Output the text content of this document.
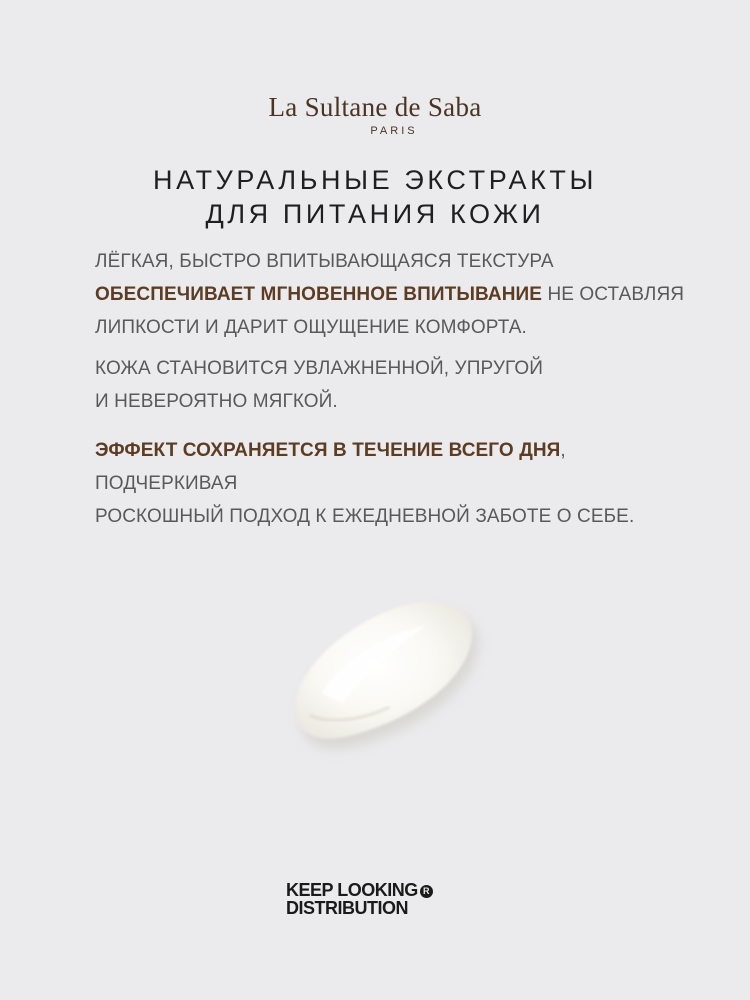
La Sultane de Saba
PARIS
НАТУРАЛЬНЫЕ ЭКСТРАКТЫ
ДЛЯ ПИТАНИЯ КОЖИ
ЛЁГКАЯ, БЫСТРО ВПИТЫВАЮЩАЯСЯ ТЕКСТУРА
ОБЕСПЕЧИВАЕТ МГНОВЕННОЕ ВПИТЫВАНИЕ НЕ ОСТАВЛЯЯ
ЛИПКОСТИ И ДАРИТ ОЩУЩЕНИЕ КОМФОРТА.
КОЖА СТАНОВИТСЯ УВЛАЖНЕННОЙ, УПРУГОЙ
И НЕВЕРОЯТНО МЯГКОЙ.
ЭФФЕКТ СОХРАНЯЕТСЯ В ТЕЧЕНИЕ ВСЕГО ДНЯ, ПОДЧЕРКИВАЯ
РОСКОШНЫЙ ПОДХОД К ЕЖЕДНЕВНОЙ ЗАБОТЕ О СЕБЕ.
KEEP LOOKING R
DISTRIBUTION
